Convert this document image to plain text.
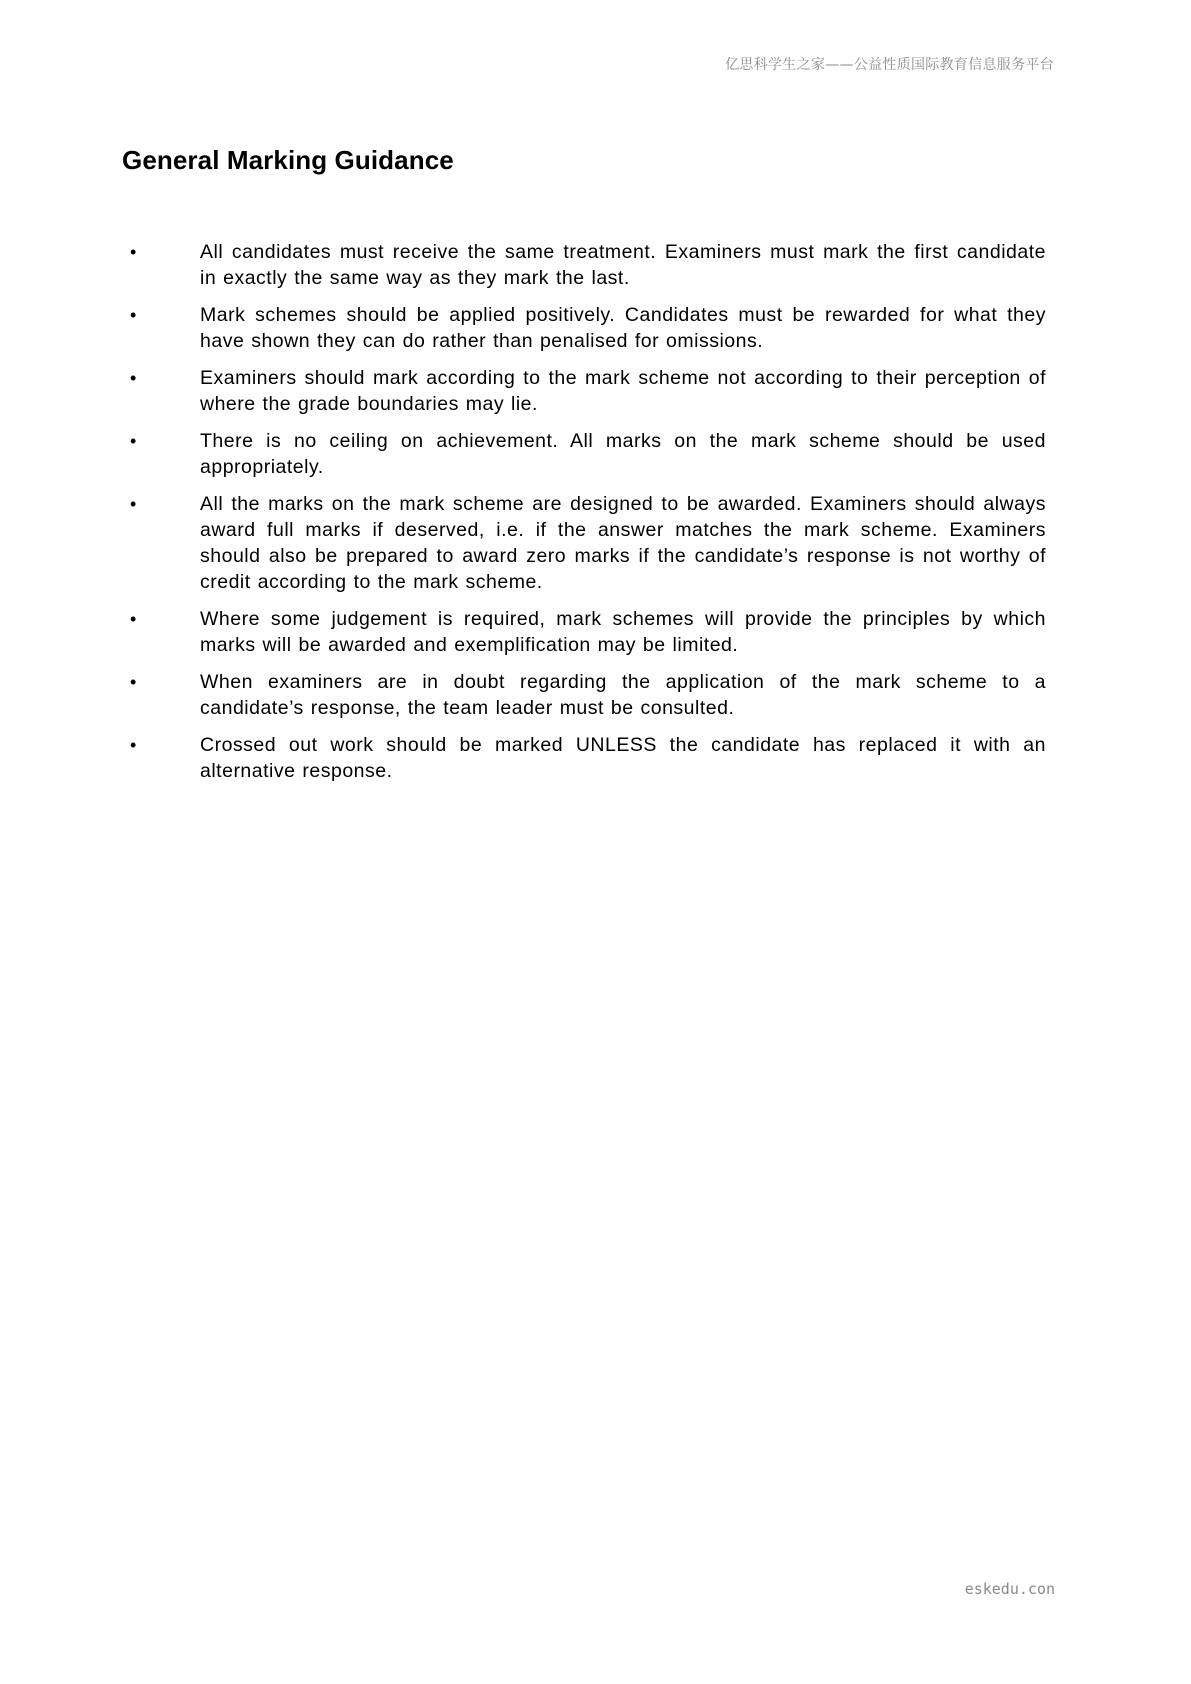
亿思科学生之家——公益性质国际教育信息服务平台
General Marking Guidance
•	All candidates must receive the same treatment. Examiners must mark the first candidate in exactly the same way as they mark the last.
•	Mark schemes should be applied positively. Candidates must be rewarded for what they have shown they can do rather than penalised for omissions.
•	Examiners should mark according to the mark scheme not according to their perception of where the grade boundaries may lie.
•	There is no ceiling on achievement. All marks on the mark scheme should be used appropriately.
•	All the marks on the mark scheme are designed to be awarded. Examiners should always award full marks if deserved, i.e. if the answer matches the mark scheme. Examiners should also be prepared to award zero marks if the candidate’s response is not worthy of credit according to the mark scheme.
•	Where some judgement is required, mark schemes will provide the principles by which marks will be awarded and exemplification may be limited.
•	When examiners are in doubt regarding the application of the mark scheme to a candidate’s response, the team leader must be consulted.
•	Crossed out work should be marked UNLESS the candidate has replaced it with an alternative response.
eskedu.con
